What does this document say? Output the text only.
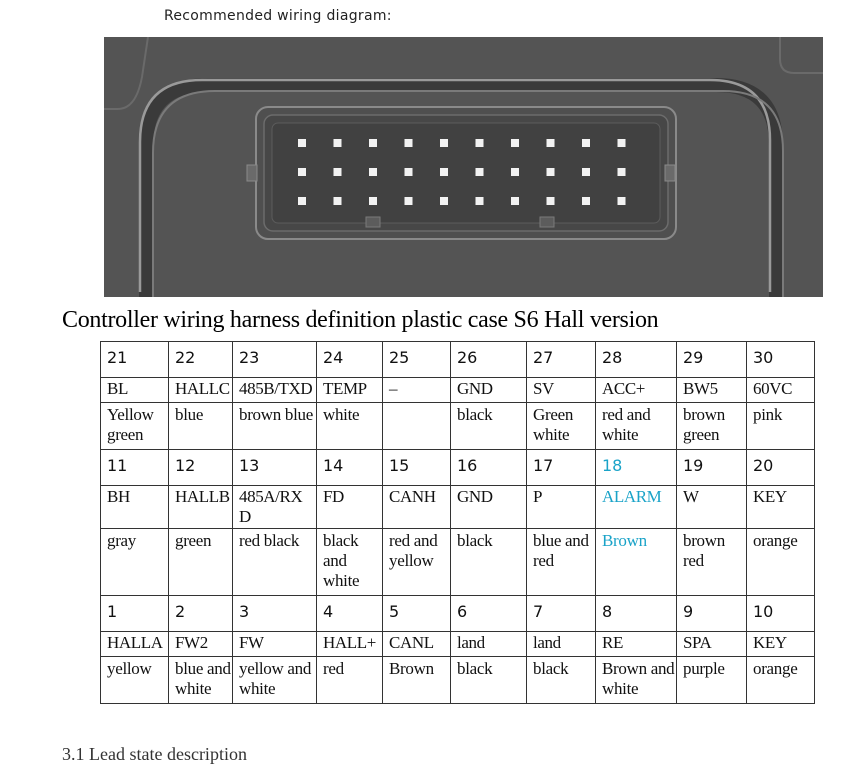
Recommended wiring diagram:
Controller wiring harness definition plastic case S6 Hall version
21	22	23	24	25	26	27	28	29	30
BL	HALLC	485B/TXD	TEMP	–	GND	SV	ACC+	BW5	60VC
Yellow green	blue	brown blue	white		black	Green white	red and white	brown green	pink
11	12	13	14	15	16	17	18	19	20
BH	HALLB	485A/RX D	FD	CANH	GND	P	ALARM	W	KEY
gray	green	red black	black and white	red and yellow	black	blue and red	Brown	brown red	orange
1	2	3	4	5	6	7	8	9	10
HALLA	FW2	FW	HALL+	CANL	land	land	RE	SPA	KEY
yellow	blue and white	yellow and white	red	Brown	black	black	Brown and white	purple	orange
3.1 Lead state description
